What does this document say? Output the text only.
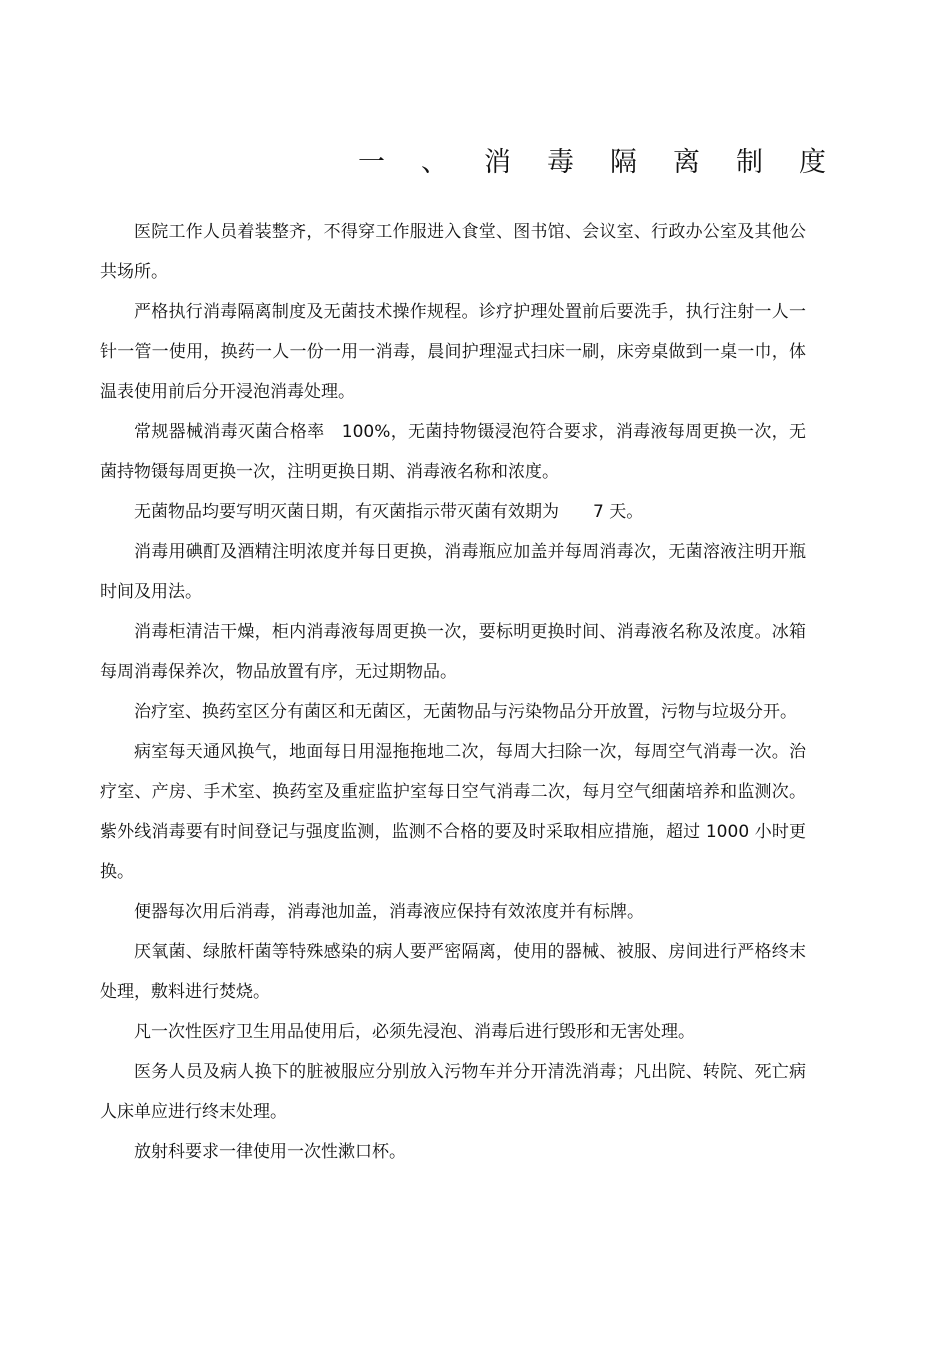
一、消毒隔离制度

医院工作人员着装整齐，不得穿工作服进入食堂、图书馆、会议室、行政办公室及其他公共场所。

严格执行消毒隔离制度及无菌技术操作规程。诊疗护理处置前后要洗手，执行注射一人一针一管一使用，换药一人一份一用一消毒，晨间护理湿式扫床一刷，床旁桌做到一桌一巾，体温表使用前后分开浸泡消毒处理。

常规器械消毒灭菌合格率　100%，无菌持物镊浸泡符合要求，消毒液每周更换一次，无菌持物镊每周更换一次，注明更换日期、消毒液名称和浓度。

无菌物品均要写明灭菌日期，有灭菌指示带灭菌有效期为　　7 天。

消毒用碘酊及酒精注明浓度并每日更换，消毒瓶应加盖并每周消毒次，无菌溶液注明开瓶时间及用法。

消毒柜清洁干燥，柜内消毒液每周更换一次，要标明更换时间、消毒液名称及浓度。冰箱每周消毒保养次，物品放置有序，无过期物品。

治疗室、换药室区分有菌区和无菌区，无菌物品与污染物品分开放置，污物与垃圾分开。

病室每天通风换气，地面每日用湿拖拖地二次，每周大扫除一次，每周空气消毒一次。治疗室、产房、手术室、换药室及重症监护室每日空气消毒二次，每月空气细菌培养和监测次。紫外线消毒要有时间登记与强度监测，监测不合格的要及时采取相应措施，超过 1000 小时更换。

便器每次用后消毒，消毒池加盖，消毒液应保持有效浓度并有标牌。

厌氧菌、绿脓杆菌等特殊感染的病人要严密隔离，使用的器械、被服、房间进行严格终末处理，敷料进行焚烧。

凡一次性医疗卫生用品使用后，必须先浸泡、消毒后进行毁形和无害处理。

医务人员及病人换下的脏被服应分别放入污物车并分开清洗消毒；凡出院、转院、死亡病人床单应进行终末处理。

放射科要求一律使用一次性漱口杯。
